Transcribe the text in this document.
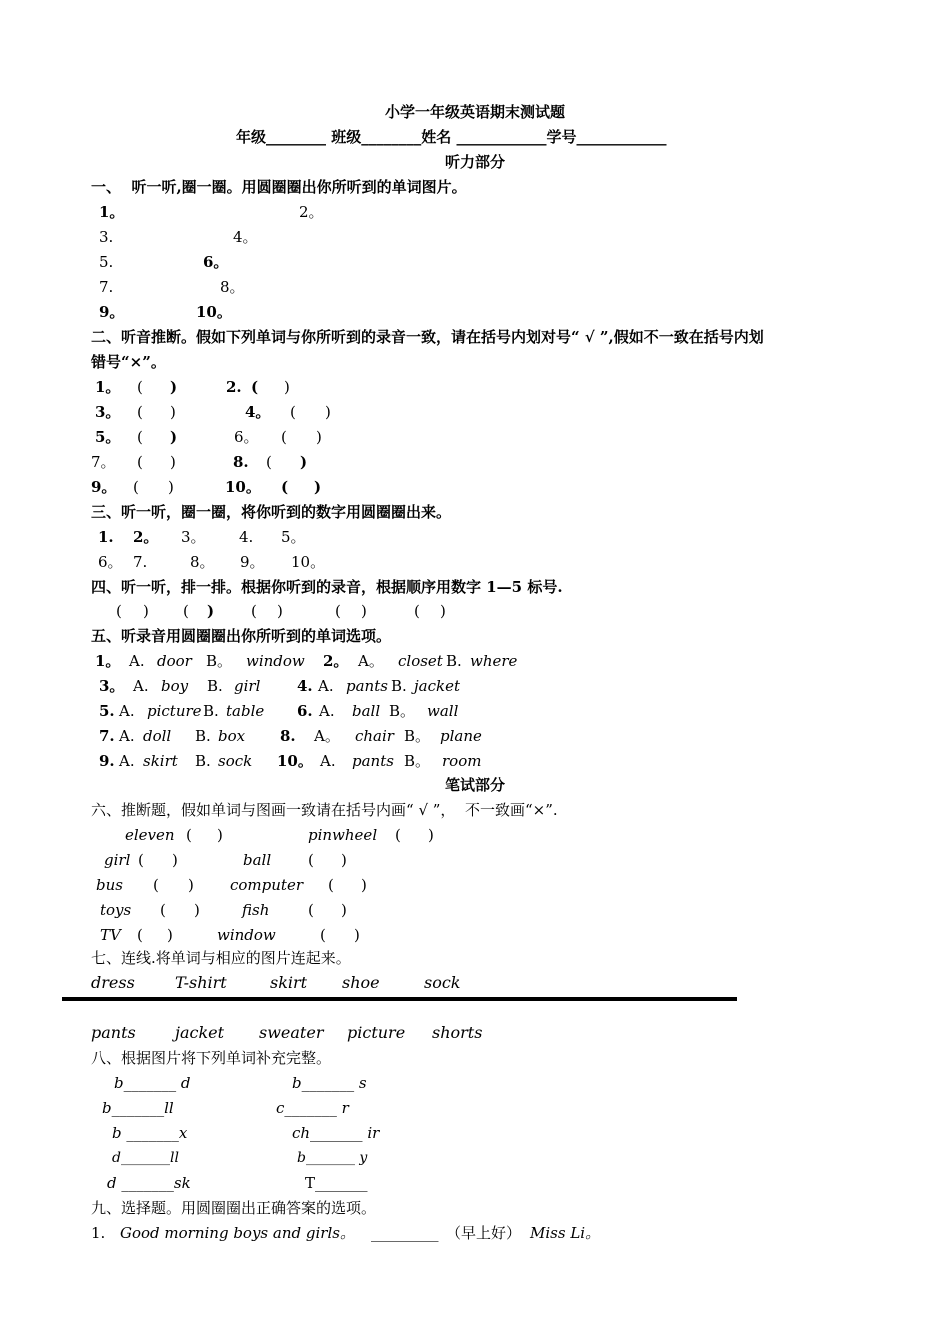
小学一年级英语期末测试题
年级________ 班级________姓名 ____________学号____________
听力部分
一、  听一听,圈一圈。用圆圈圈出你所听到的单词图片。
1。	2。
3.	4。
5.	6。
7.	8。
9。	10。
二、听音推断。假如下列单词与你所听到的录音一致，请在括号内划对号“ √ ”,假如不一致在括号内划
错号“×”。
1。 ( )	2. ( )
3。 ( )	4。 ( )
5。 ( )	6。 ( )
7。 ( )	8. ( )
9。 ( )	10。 ( )
三、听一听，圈一圈，将你听到的数字用圆圈圈出来。
1. 2。 3。 4. 5。
6。 7.	8。 9。 10。
四、听一听，排一排。根据你听到的录音，根据顺序用数字 1—5 标号.
( ) ( ) ( )	( )	( )
五、听录音用圆圈圈出你所听到的单词选项。
1。 A. door B。 window 2。 A。 closet B. where
3。 A. boy B. girl 4. A. pants B. jacket
5. A. picture B. table 6. A. ball B。 wall
7. A. doll B. box 8. A。 chair B。 plane
9. A. skirt B. sock 10。 A. pants B。 room
笔试部分
六、推断题，假如单词与图画一致请在括号内画“ √ ”，  不一致画“×”.
eleven ( )	pinwheel ( )
girl ( )	ball ( )
bus ( ) computer ( )
toys ( )	fish	( )
TV ( )	window	( )
七、连线.将单词与相应的图片连起来。
dress	T-shirt	skirt shoe	sock
pants jacket sweater picture shorts
八、根据图片将下列单词补充完整。
b_______ d	b_______ s
b_______ll	c_______ r
b _______x	ch_______ ir
d_______ll	b_______ y
d _______sk	T_______
九、选择题。用圆圈圈出正确答案的选项。
1. Good morning boys and girls。 _________ （早上好） Miss Li。
